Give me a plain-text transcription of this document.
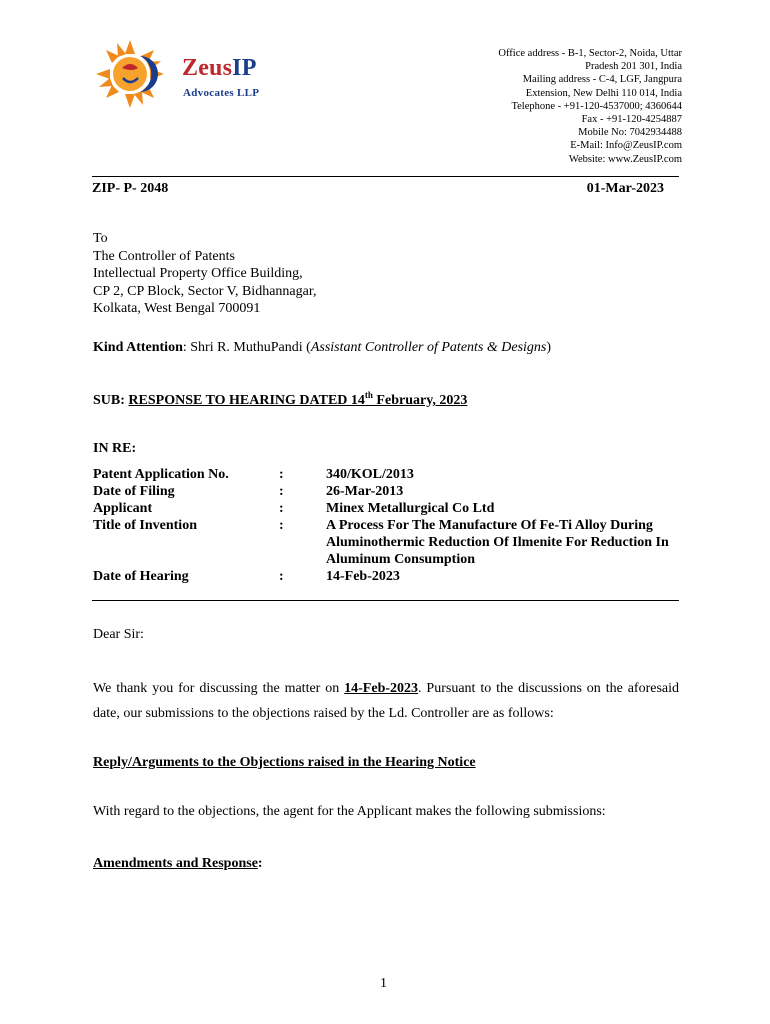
ZeusIP
Advocates LLP
Office address - B-1, Sector-2, Noida, Uttar
Pradesh 201 301, India
Mailing address - C-4, LGF, Jangpura
Extension, New Delhi 110 014, India
Telephone - +91-120-4537000; 4360644
Fax - +91-120-4254887
Mobile No: 7042934488
E-Mail: Info@ZeusIP.com
Website: www.ZeusIP.com
ZIP- P- 2048	01-Mar-2023
To
The Controller of Patents
Intellectual Property Office Building,
CP 2, CP Block, Sector V, Bidhannagar,
Kolkata, West Bengal 700091
Kind Attention: Shri R. MuthuPandi (Assistant Controller of Patents & Designs)
SUB: RESPONSE TO HEARING DATED 14th February, 2023
IN RE:
Patent Application No.	:	340/KOL/2013
Date of Filing	:	26-Mar-2013
Applicant	:	Minex Metallurgical Co Ltd
Title of Invention	:	A Process For The Manufacture Of Fe-Ti Alloy During Aluminothermic Reduction Of Ilmenite For Reduction In Aluminum Consumption
Date of Hearing	:	14-Feb-2023
Dear Sir:
We thank you for discussing the matter on 14-Feb-2023. Pursuant to the discussions on the aforesaid date, our submissions to the objections raised by the Ld. Controller are as follows:
Reply/Arguments to the Objections raised in the Hearing Notice
With regard to the objections, the agent for the Applicant makes the following submissions:
Amendments and Response:
1
